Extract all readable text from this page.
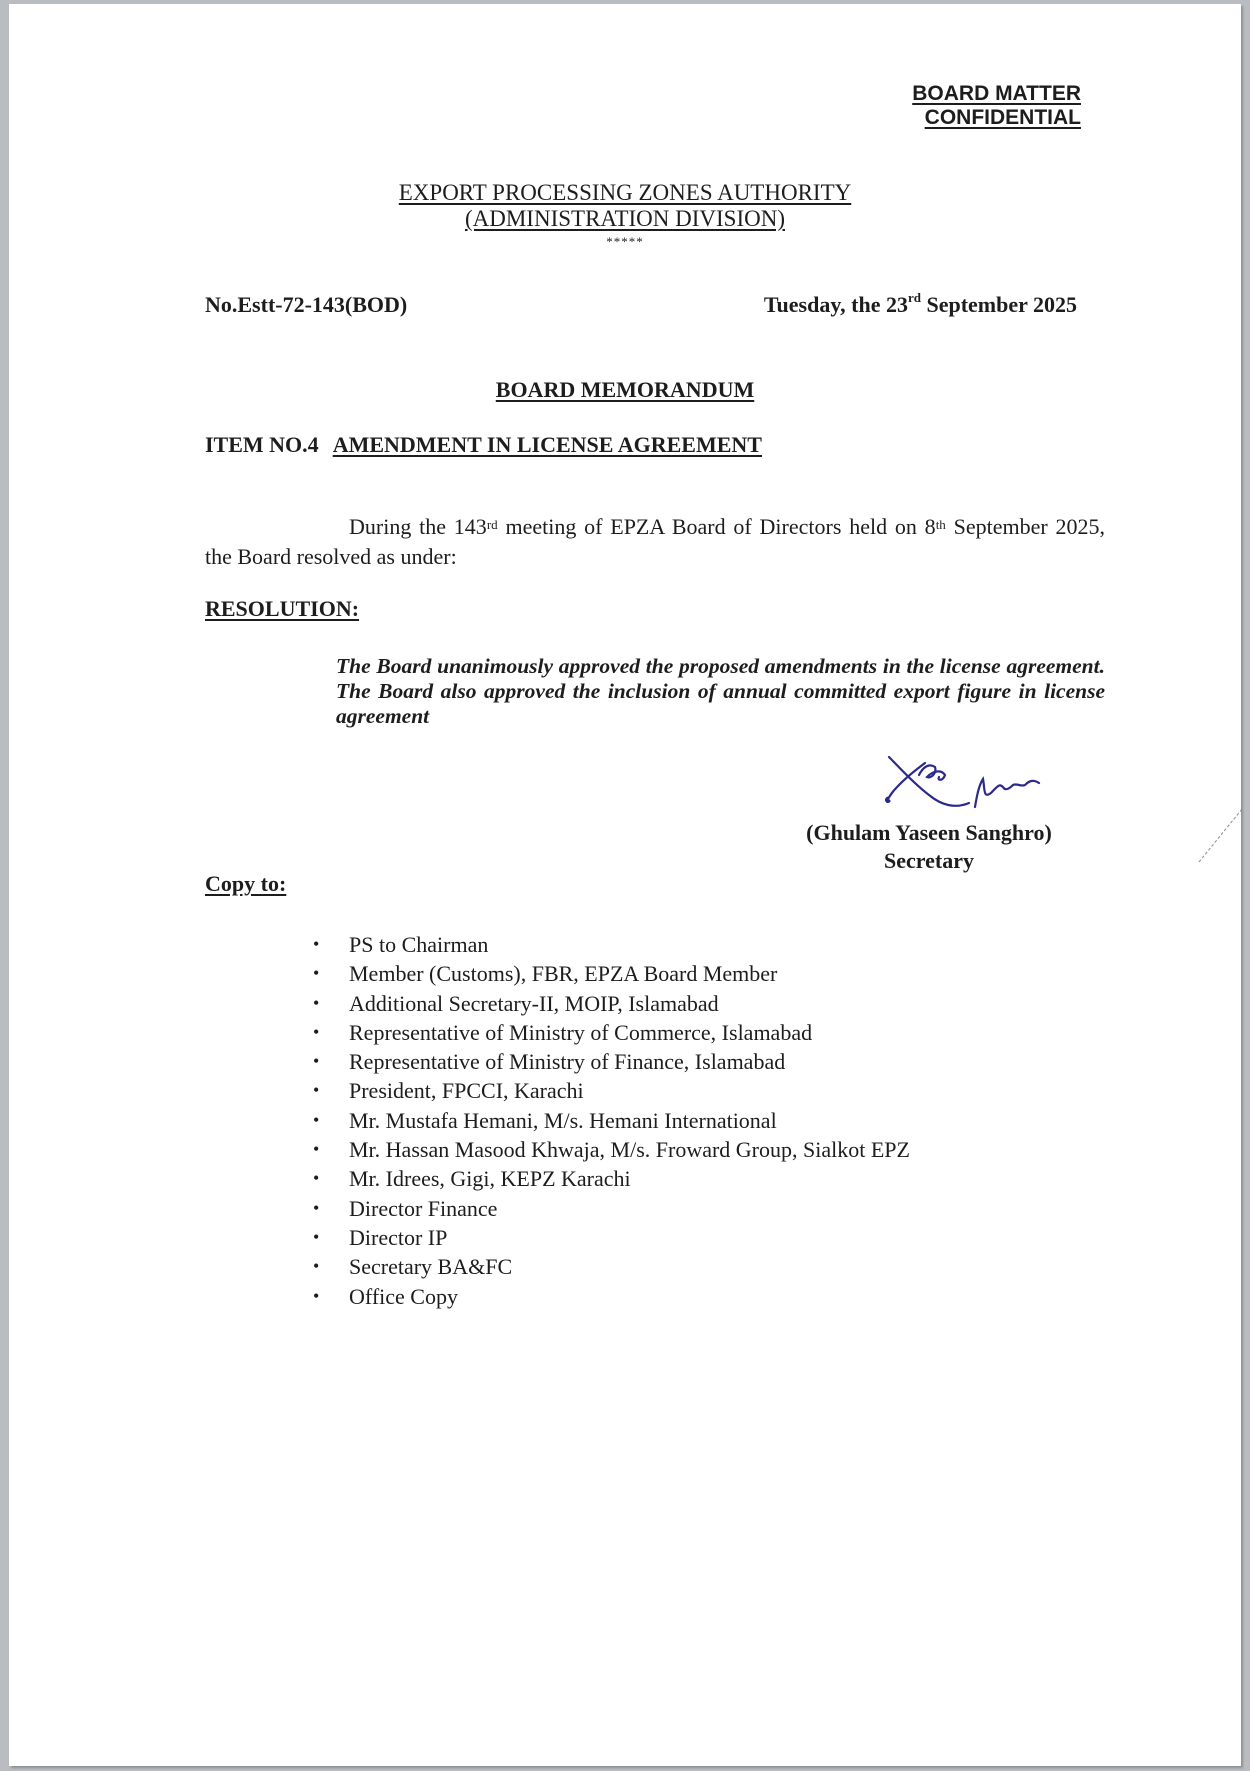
BOARD MATTER
CONFIDENTIAL
EXPORT PROCESSING ZONES AUTHORITY
(ADMINISTRATION DIVISION)
*****
No.Estt-72-143(BOD)	Tuesday, the 23rd September 2025
BOARD MEMORANDUM
ITEM NO.4 AMENDMENT IN LICENSE AGREEMENT
During the 143rd meeting of EPZA Board of Directors held on 8th September 2025, the Board resolved as under:
RESOLUTION:
The Board unanimously approved the proposed amendments in the license agreement. The Board also approved the inclusion of annual committed export figure in license agreement
(Ghulam Yaseen Sanghro)
Secretary
Copy to:
• PS to Chairman
• Member (Customs), FBR, EPZA Board Member
• Additional Secretary-II, MOIP, Islamabad
• Representative of Ministry of Commerce, Islamabad
• Representative of Ministry of Finance, Islamabad
• President, FPCCI, Karachi
• Mr. Mustafa Hemani, M/s. Hemani International
• Mr. Hassan Masood Khwaja, M/s. Froward Group, Sialkot EPZ
• Mr. Idrees, Gigi, KEPZ Karachi
• Director Finance
• Director IP
• Secretary BA&FC
• Office Copy
